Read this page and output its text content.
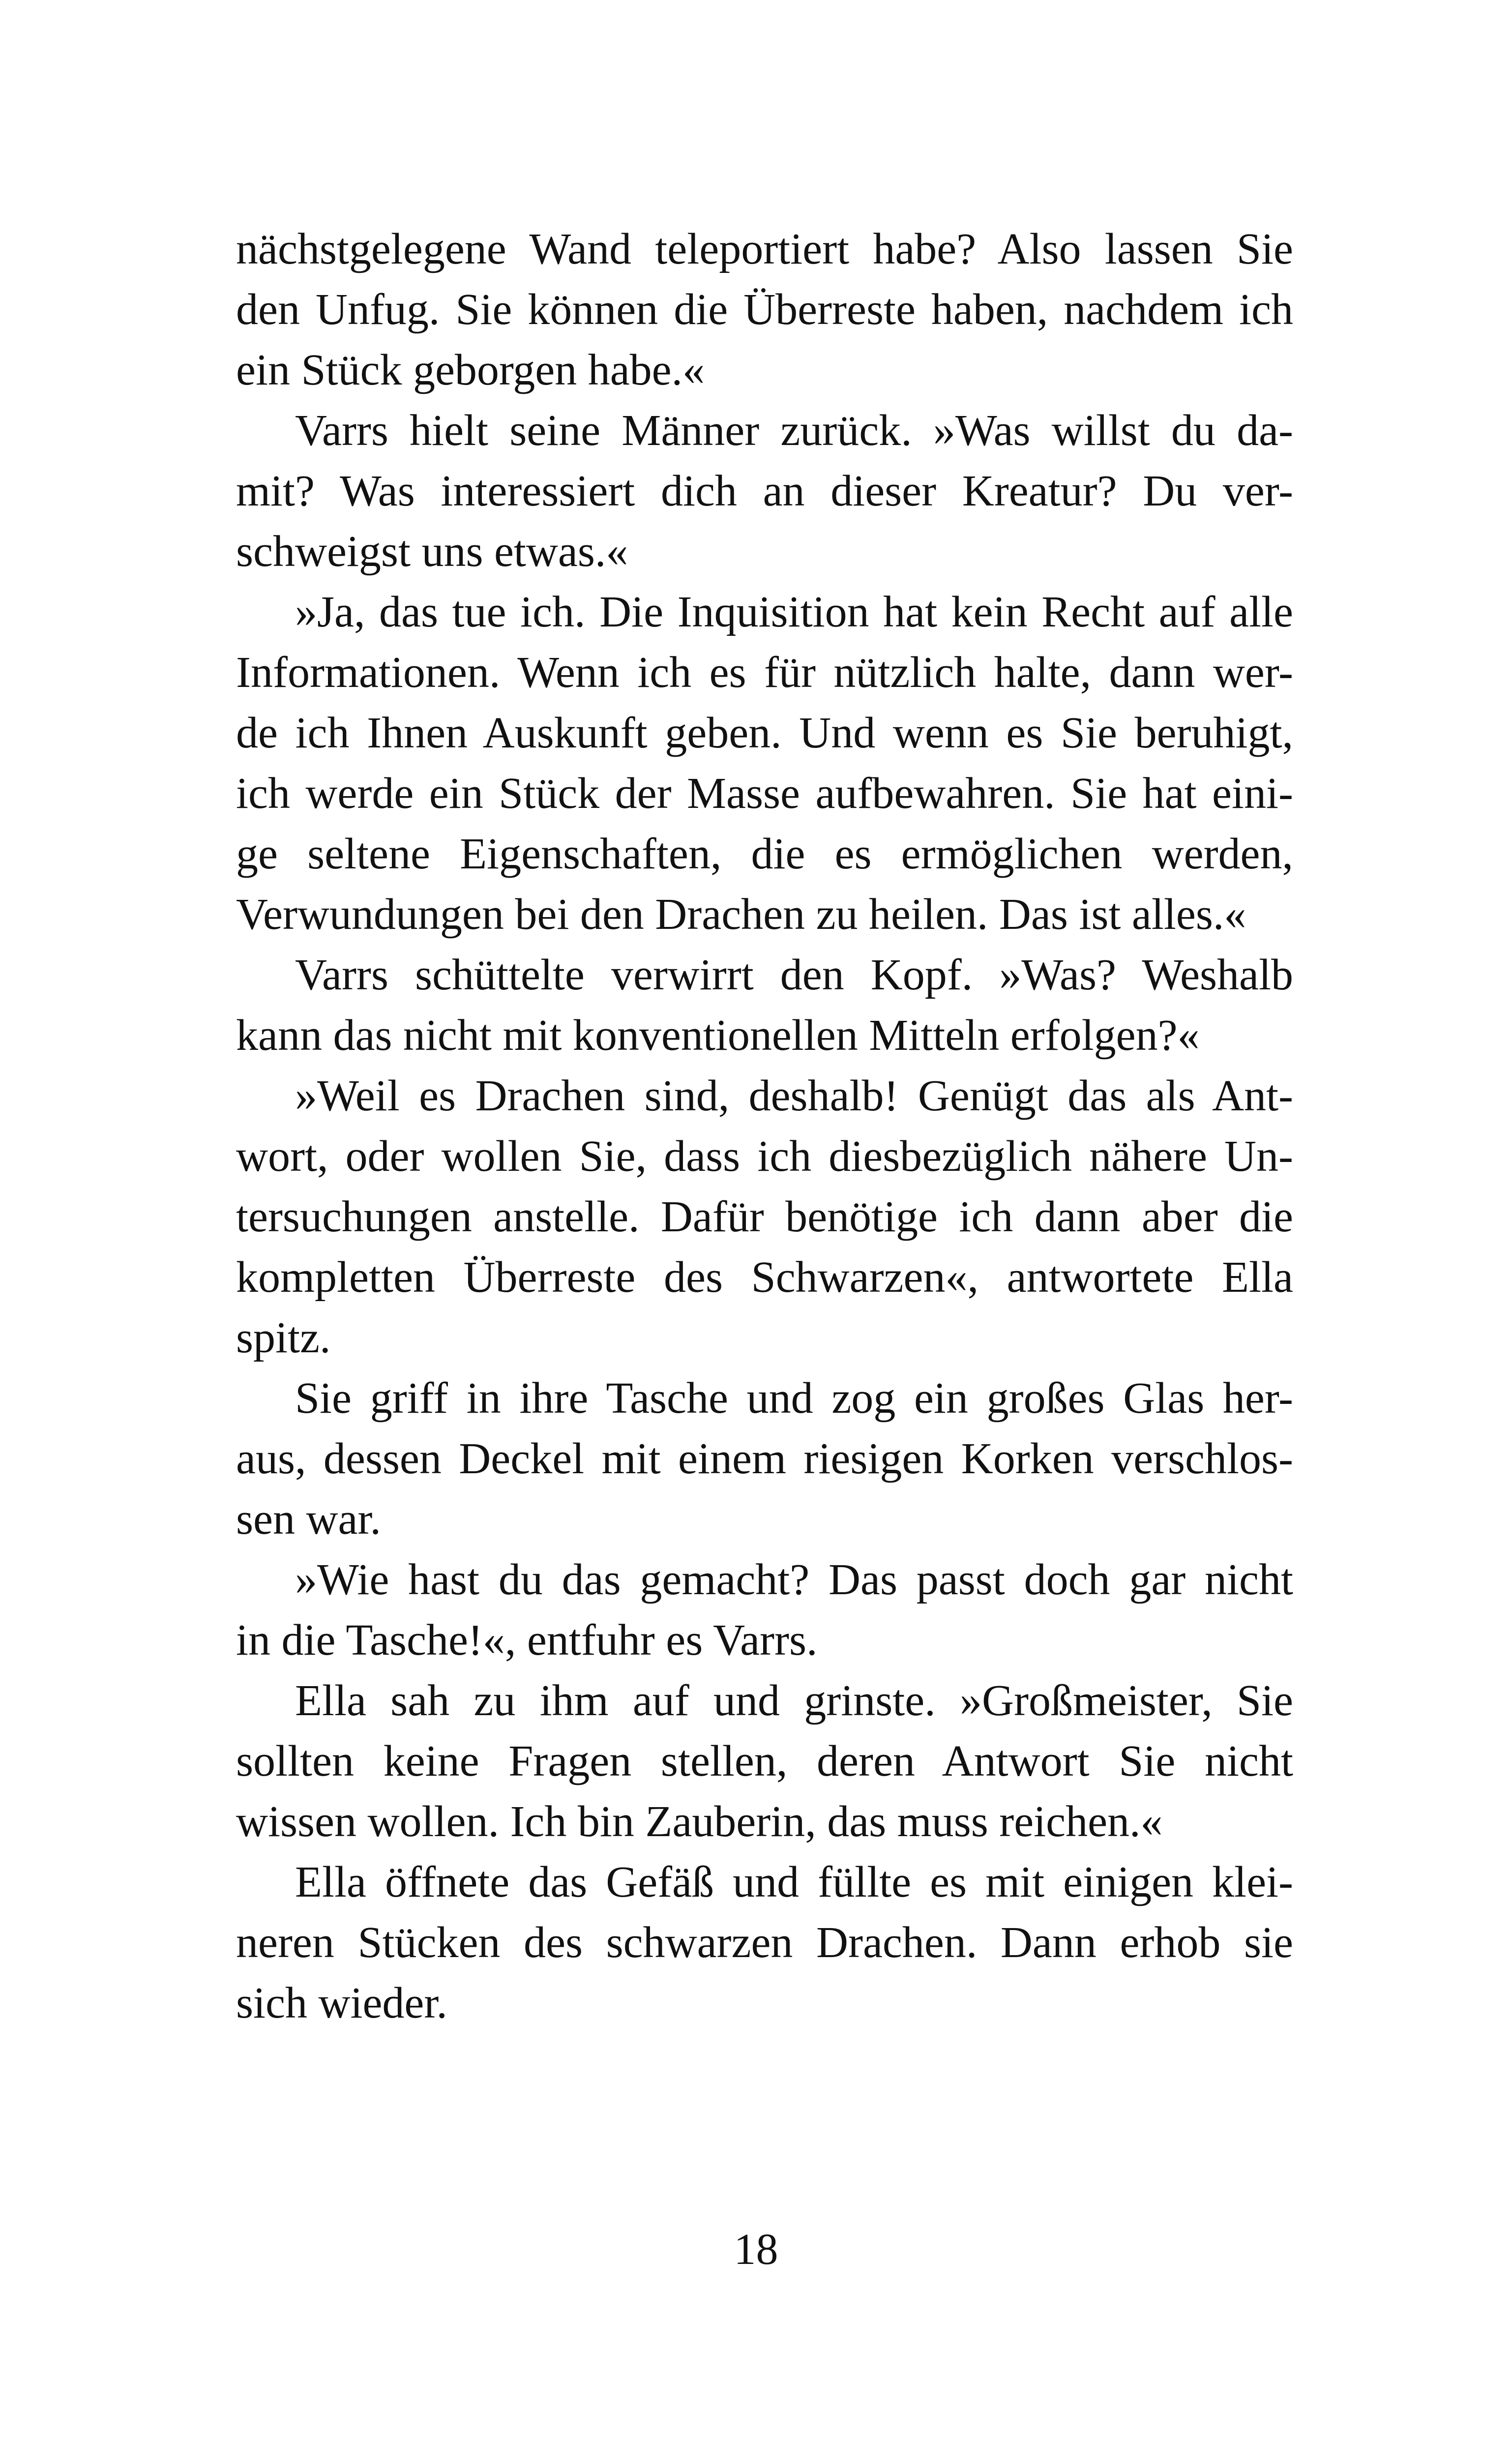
nächstgelegene Wand teleportiert habe? Also lassen Sie
den Unfug. Sie können die Überreste haben, nachdem ich
ein Stück geborgen habe.«

Varrs hielt seine Männer zurück. »Was willst du da-
mit? Was interessiert dich an dieser Kreatur? Du ver-
schweigst uns etwas.«

»Ja, das tue ich. Die Inquisition hat kein Recht auf alle
Informationen. Wenn ich es für nützlich halte, dann wer-
de ich Ihnen Auskunft geben. Und wenn es Sie beruhigt,
ich werde ein Stück der Masse aufbewahren. Sie hat eini-
ge seltene Eigenschaften, die es ermöglichen werden,
Verwundungen bei den Drachen zu heilen. Das ist alles.«

Varrs schüttelte verwirrt den Kopf. »Was? Weshalb
kann das nicht mit konventionellen Mitteln erfolgen?«

»Weil es Drachen sind, deshalb! Genügt das als Ant-
wort, oder wollen Sie, dass ich diesbezüglich nähere Un-
tersuchungen anstelle. Dafür benötige ich dann aber die
kompletten Überreste des Schwarzen«, antwortete Ella
spitz.

Sie griff in ihre Tasche und zog ein großes Glas her-
aus, dessen Deckel mit einem riesigen Korken verschlos-
sen war.

»Wie hast du das gemacht? Das passt doch gar nicht
in die Tasche!«, entfuhr es Varrs.

Ella sah zu ihm auf und grinste. »Großmeister, Sie
sollten keine Fragen stellen, deren Antwort Sie nicht
wissen wollen. Ich bin Zauberin, das muss reichen.«

Ella öffnete das Gefäß und füllte es mit einigen klei-
neren Stücken des schwarzen Drachen. Dann erhob sie
sich wieder.

18
